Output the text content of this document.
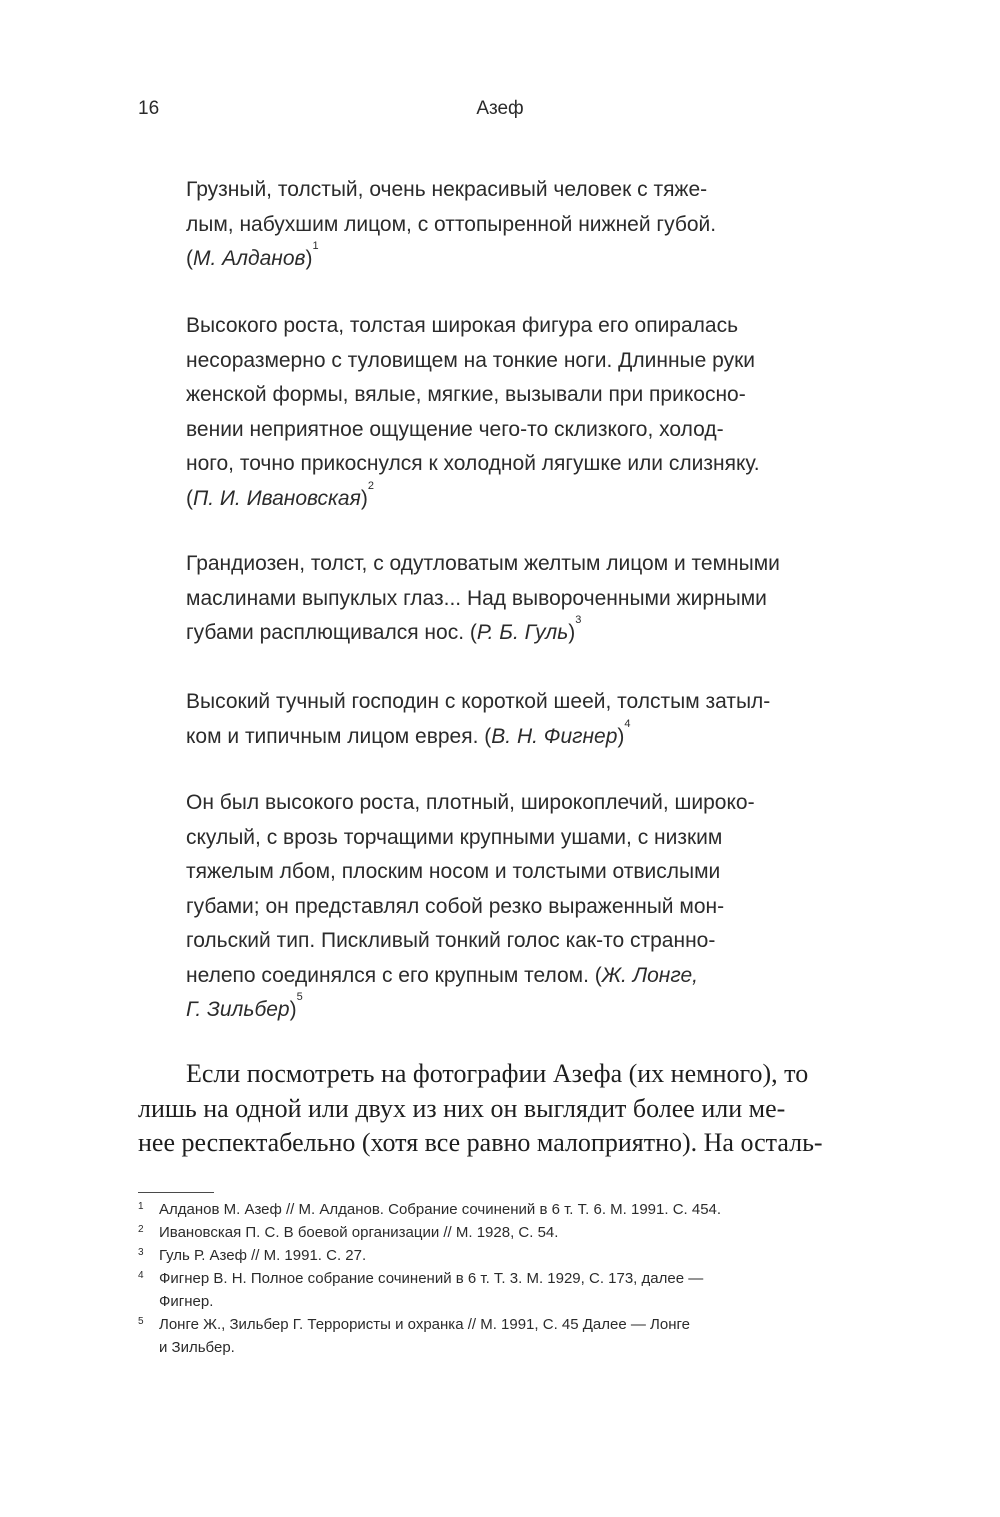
16	Азеф
Грузный, толстый, очень некрасивый человек с тяже-
лым, набухшим лицом, с оттопыренной нижней губой.
(М. Алданов)$^1$
Высокого роста, толстая широкая фигура его опиралась
несоразмерно с туловищем на тонкие ноги. Длинные руки
женской формы, вялые, мягкие, вызывали при прикосно-
вении неприятное ощущение чего-то склизкого, холод-
ного, точно прикоснулся к холодной лягушке или слизняку.
(П. И. Ивановская)$^2$
Грандиозен, толст, с одутловатым желтым лицом и темными
маслинами выпуклых глаз... Над вывороченными жирными
губами расплющивался нос. (Р. Б. Гуль)$^3$
Высокий тучный господин с короткой шеей, толстым затыл-
ком и типичным лицом еврея. (В. Н. Фигнер)$^4$
Он был высокого роста, плотный, широкоплечий, широко-
скулый, с врозь торчащими крупными ушами, с низким
тяжелым лбом, плоским носом и толстыми отвислыми
губами; он представлял собой резко выраженный мон-
гольский тип. Пискливый тонкий голос как-то странно-
нелепо соединялся с его крупным телом. (Ж. Лонге,
Г. Зильбер)$^5$
Если посмотреть на фотографии Азефа (их немного), то
лишь на одной или двух из них он выглядит более или ме-
нее респектабельно (хотя все равно малоприятно). На осталь-
1	Алданов М. Азеф // М. Алданов. Собрание сочинений в 6 т. Т. 6. М. 1991. С. 454.
2	Ивановская П. С. В боевой организации // М. 1928, С. 54.
3	Гуль Р. Азеф // М. 1991. С. 27.
4	Фигнер В. Н. Полное собрание сочинений в 6 т. Т. 3. М. 1929, С. 173, далее —
Фигнер.
5	Лонге Ж., Зильбер Г. Террористы и охранка // М. 1991, С. 45 Далее — Лонге
и Зильбер.
